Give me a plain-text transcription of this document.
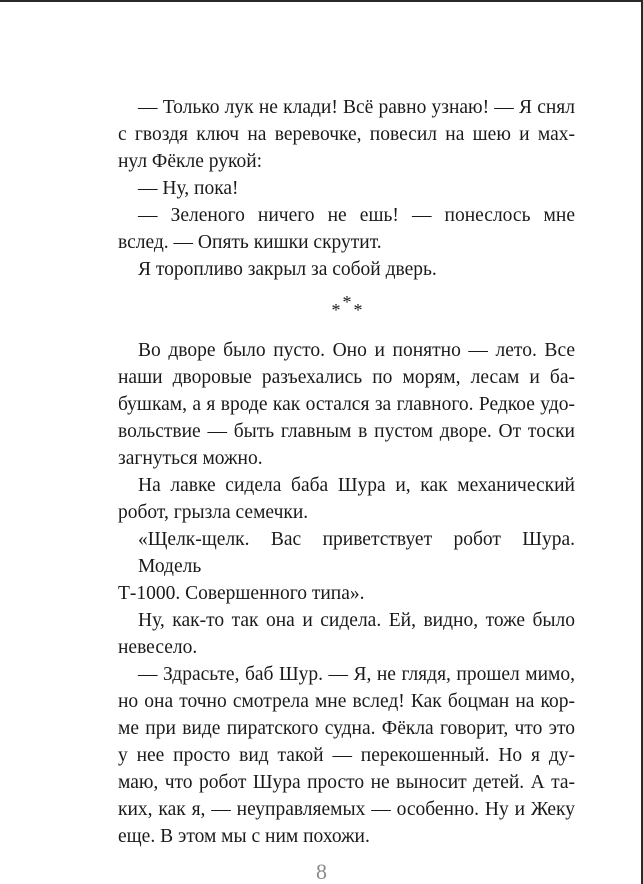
— Только лук не клади! Всё равно узнаю! — Я снял
с гвоздя ключ на веревочке, повесил на шею и мах-
нул Фёкле рукой:
— Ну, пока!
— Зеленого ничего не ешь! — понеслось мне
вслед. — Опять кишки скрутит.
Я торопливо закрыл за собой дверь.
* * *
Во дворе было пусто. Оно и понятно — лето. Все
наши дворовые разъехались по морям, лесам и ба-
бушкам, а я вроде как остался за главного. Редкое удо-
вольствие — быть главным в пустом дворе. От тоски
загнуться можно.
На лавке сидела баба Шура и, как механический
робот, грызла семечки.
«Щелк-щелк. Вас приветствует робот Шура. Модель
Т-1000. Совершенного типа».
Ну, как-то так она и сидела. Ей, видно, тоже было
невесело.
— Здрасьте, баб Шур. — Я, не глядя, прошел мимо,
но она точно смотрела мне вслед! Как боцман на кор-
ме при виде пиратского судна. Фёкла говорит, что это
у нее просто вид такой — перекошенный. Но я ду-
маю, что робот Шура просто не выносит детей. А та-
ких, как я, — неуправляемых — особенно. Ну и Жеку
еще. В этом мы с ним похожи.
8
